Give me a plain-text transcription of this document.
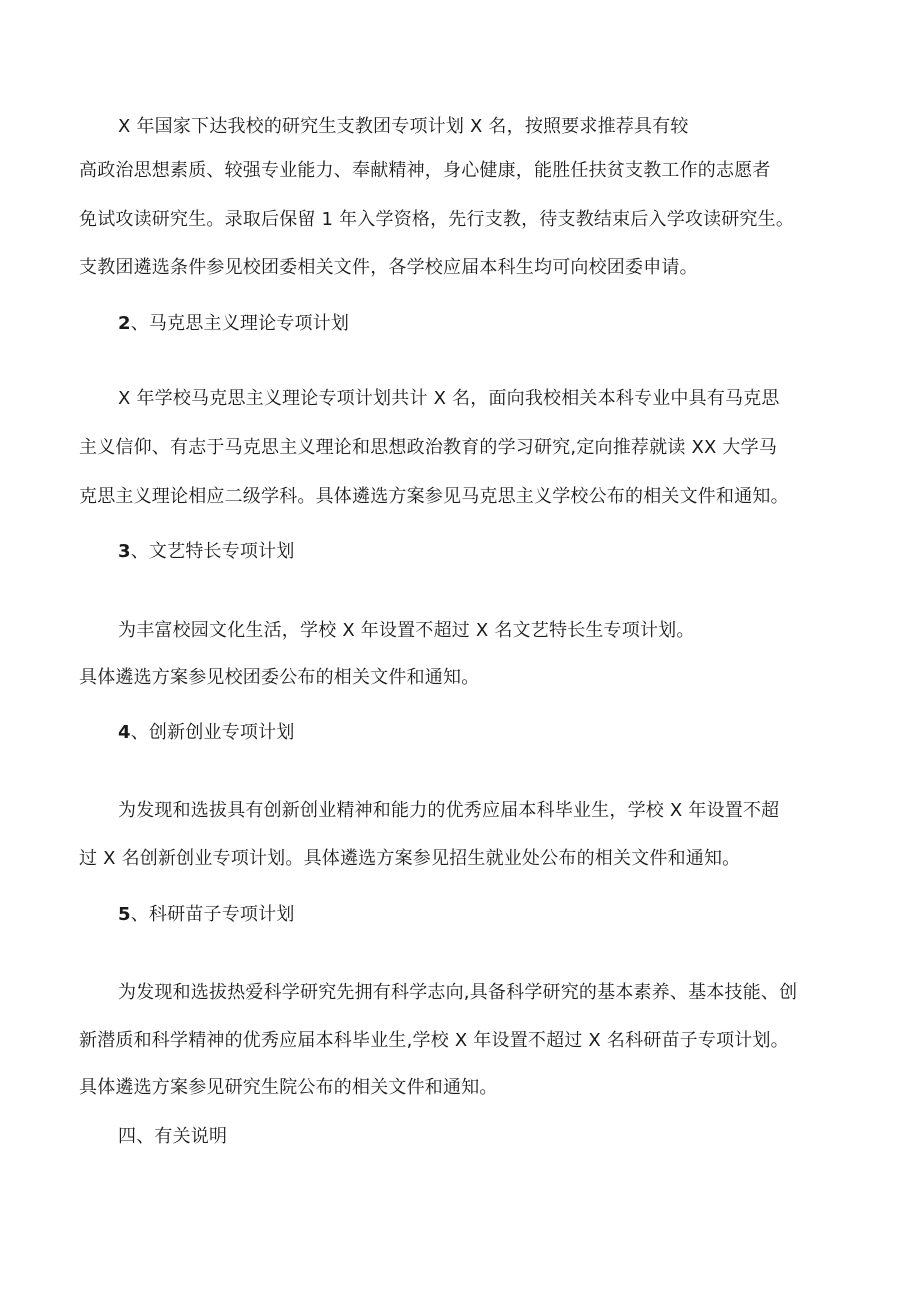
X 年国家下达我校的研究生支教团专项计划 X 名，按照要求推荐具有较
高政治思想素质、较强专业能力、奉献精神，身心健康，能胜任扶贫支教工作的志愿者
免试攻读研究生。录取后保留 1 年入学资格，先行支教，待支教结束后入学攻读研究生。
支教团遴选条件参见校团委相关文件，各学校应届本科生均可向校团委申请。
2、马克思主义理论专项计划
X 年学校马克思主义理论专项计划共计 X 名，面向我校相关本科专业中具有马克思
主义信仰、有志于马克思主义理论和思想政治教育的学习研究,定向推荐就读 XX 大学马
克思主义理论相应二级学科。具体遴选方案参见马克思主义学校公布的相关文件和通知。
3、文艺特长专项计划
为丰富校园文化生活，学校 X 年设置不超过 X 名文艺特长生专项计划。
具体遴选方案参见校团委公布的相关文件和通知。
4、创新创业专项计划
为发现和选拔具有创新创业精神和能力的优秀应届本科毕业生，学校 X 年设置不超
过 X 名创新创业专项计划。具体遴选方案参见招生就业处公布的相关文件和通知。
5、科研苗子专项计划
为发现和选拔热爱科学研究先拥有科学志向,具备科学研究的基本素养、基本技能、创
新潜质和科学精神的优秀应届本科毕业生,学校 X 年设置不超过 X 名科研苗子专项计划。
具体遴选方案参见研究生院公布的相关文件和通知。
四、有关说明
